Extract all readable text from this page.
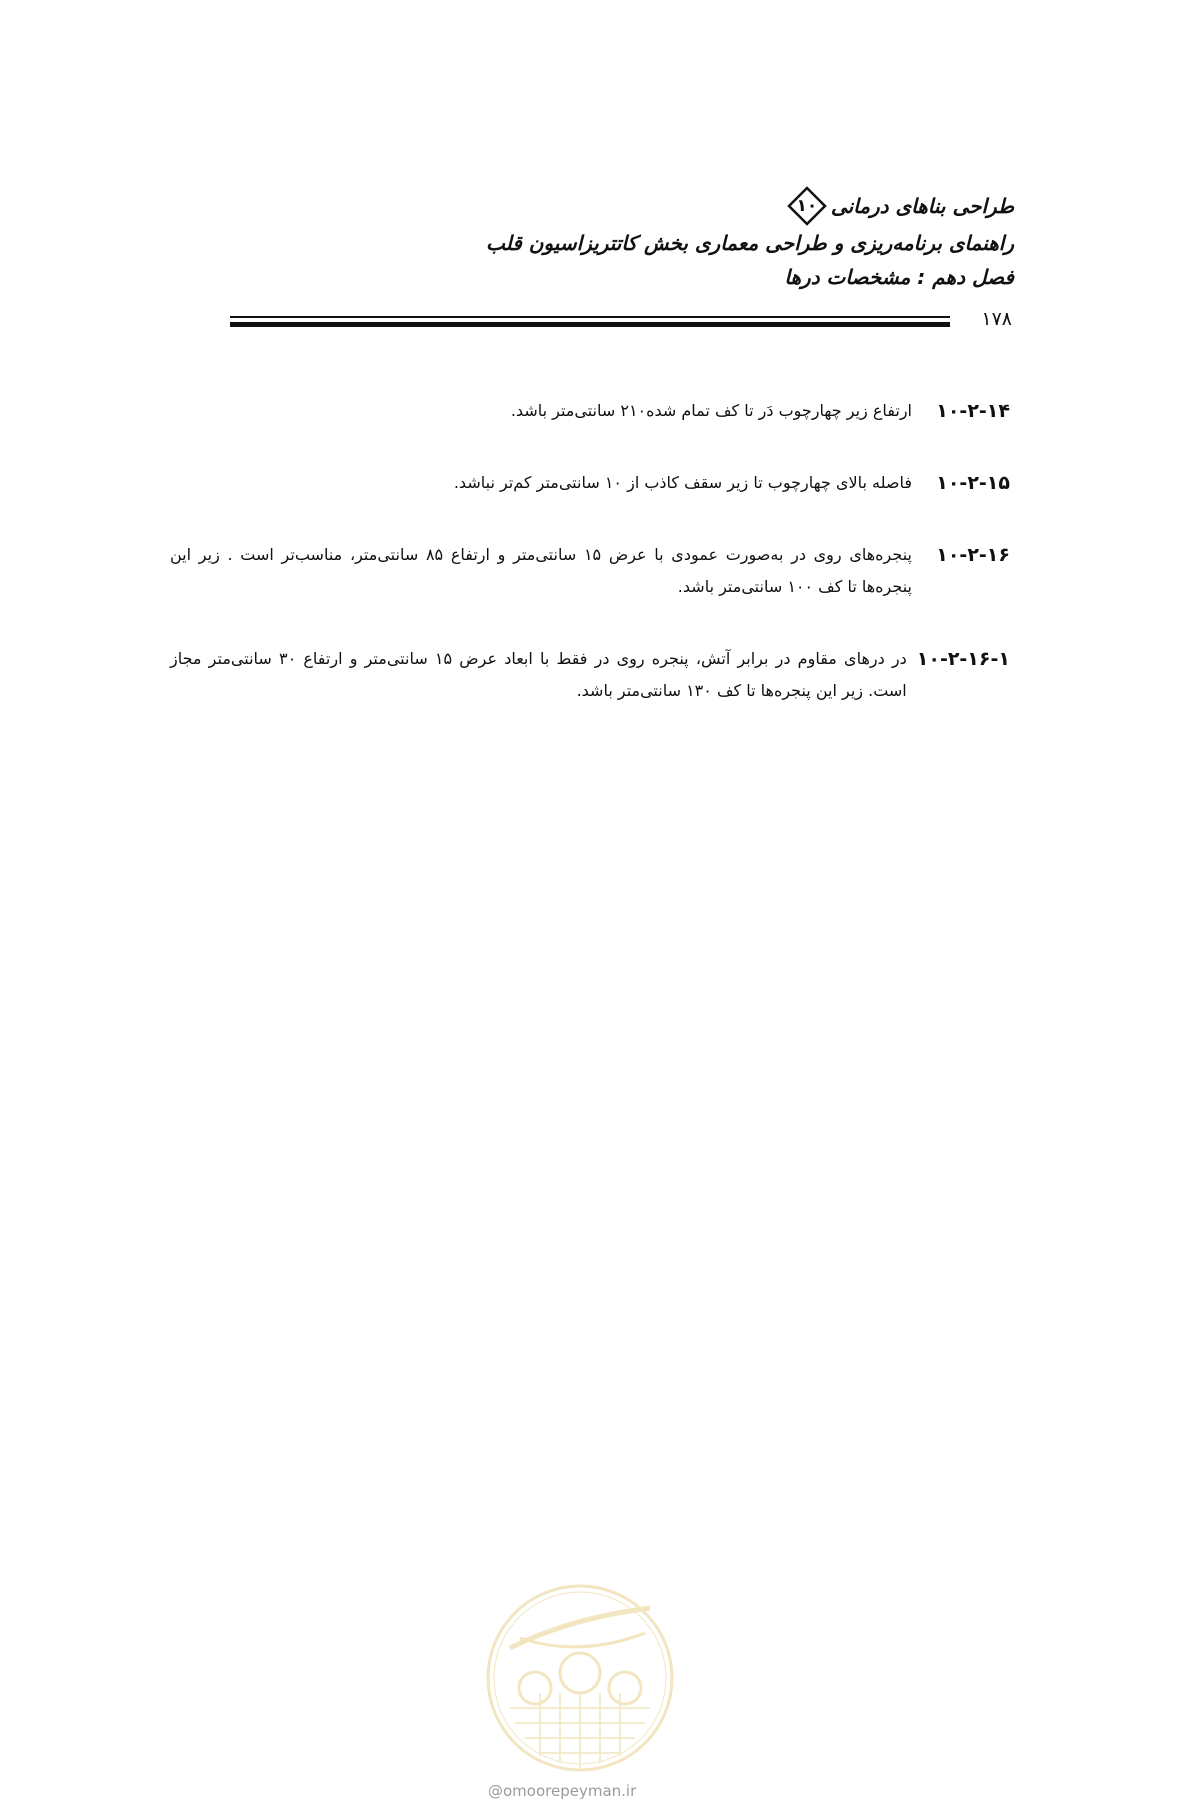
طراحی بناهای درمانی
۱۰
راهنمای برنامه‌ریزی و طراحی معماری بخش کاتتریزاسیون قلب
فصل دهم : مشخصات درها
۱۷۸
۱۰-۲-۱۴
ارتفاع زیر چهارچوب دَر تا کف تمام شده۲۱۰ سانتی‌متر باشد.
۱۰-۲-۱۵
فاصله بالای چهارچوب تا زیر سقف کاذب از ۱۰ سانتی‌متر کم‌تر نباشد.
۱۰-۲-۱۶
پنجره‌های روی در به‌صورت عمودی با عرض ۱۵ سانتی‌متر و ارتفاع ۸۵ سانتی‌متر، مناسب‌تر است . زیر این پنجره‌ها تا کف ۱۰۰ سانتی‌متر باشد.
۱۰-۲-۱۶-۱
در درهای مقاوم در برابر آتش، پنجره روی در فقط با ابعاد عرض ۱۵ سانتی‌متر و ارتفاع ۳۰ سانتی‌متر مجاز است. زیر این پنجره‌ها تا کف ۱۳۰ سانتی‌متر باشد.
@omoorepeyman.ir
